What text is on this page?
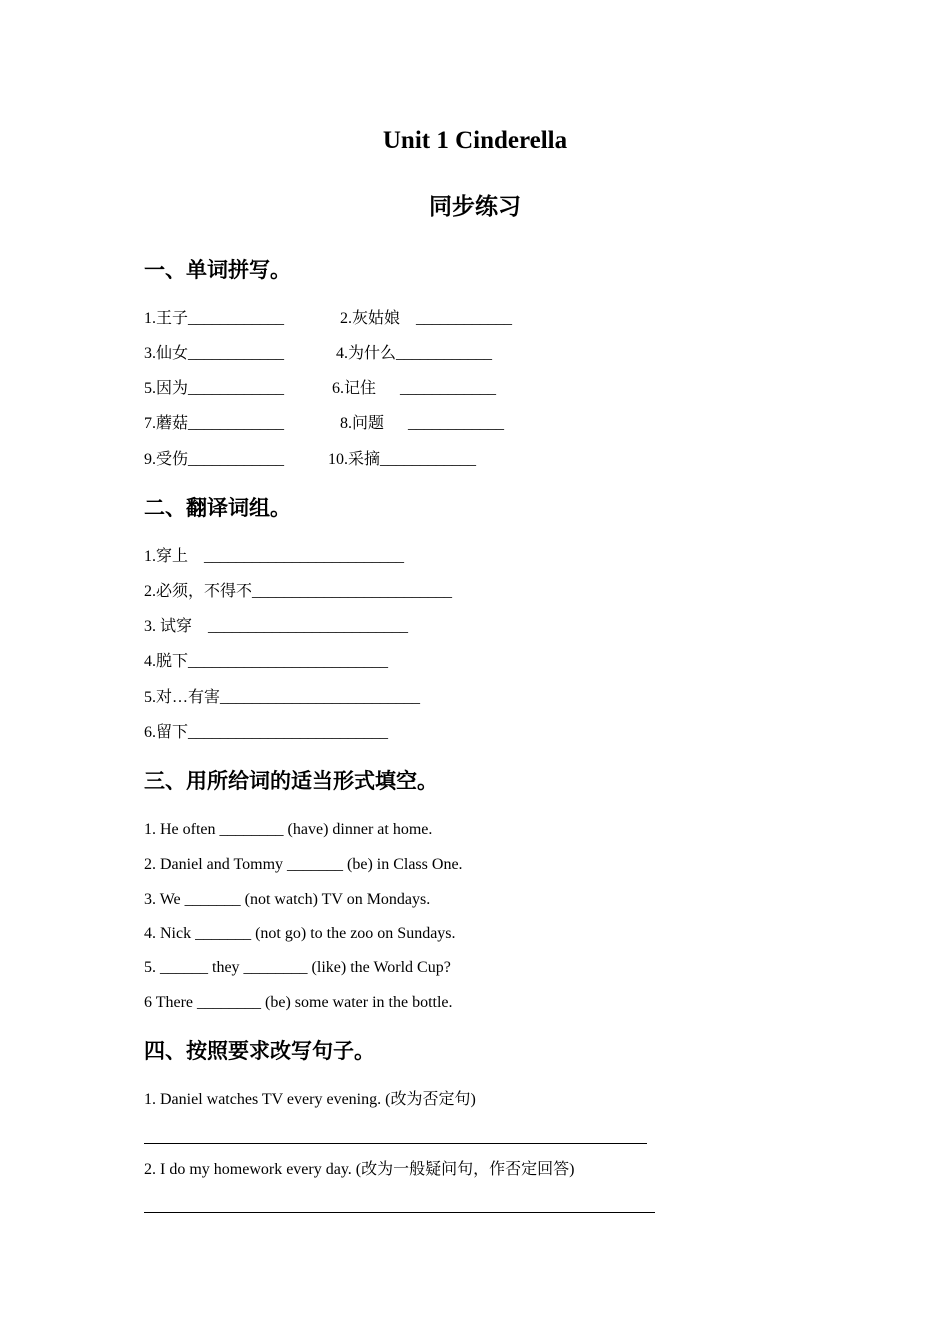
Unit 1 Cinderella
同步练习
一、单词拼写。
1.王子____________	2.灰姑娘    ____________
3.仙女____________	4.为什么____________
5.因为____________	6.记住      ____________
7.蘑菇____________	8.问题      ____________
9.受伤____________	10.采摘____________
二、翻译词组。
1.穿上    _________________________
2.必须，不得不_________________________
3. 试穿    _________________________
4.脱下_________________________
5.对…有害_________________________
6.留下_________________________
三、用所给词的适当形式填空。
1. He often ________ (have) dinner at home.
2. Daniel and Tommy _______ (be) in Class One.
3. We _______ (not watch) TV on Mondays.
4. Nick _______ (not go) to the zoo on Sundays.
5. ______ they ________ (like) the World Cup?
6 There ________ (be) some water in the bottle.
四、按照要求改写句子。
1. Daniel watches TV every evening. (改为否定句)
2. I do my homework every day. (改为一般疑问句，作否定回答)
